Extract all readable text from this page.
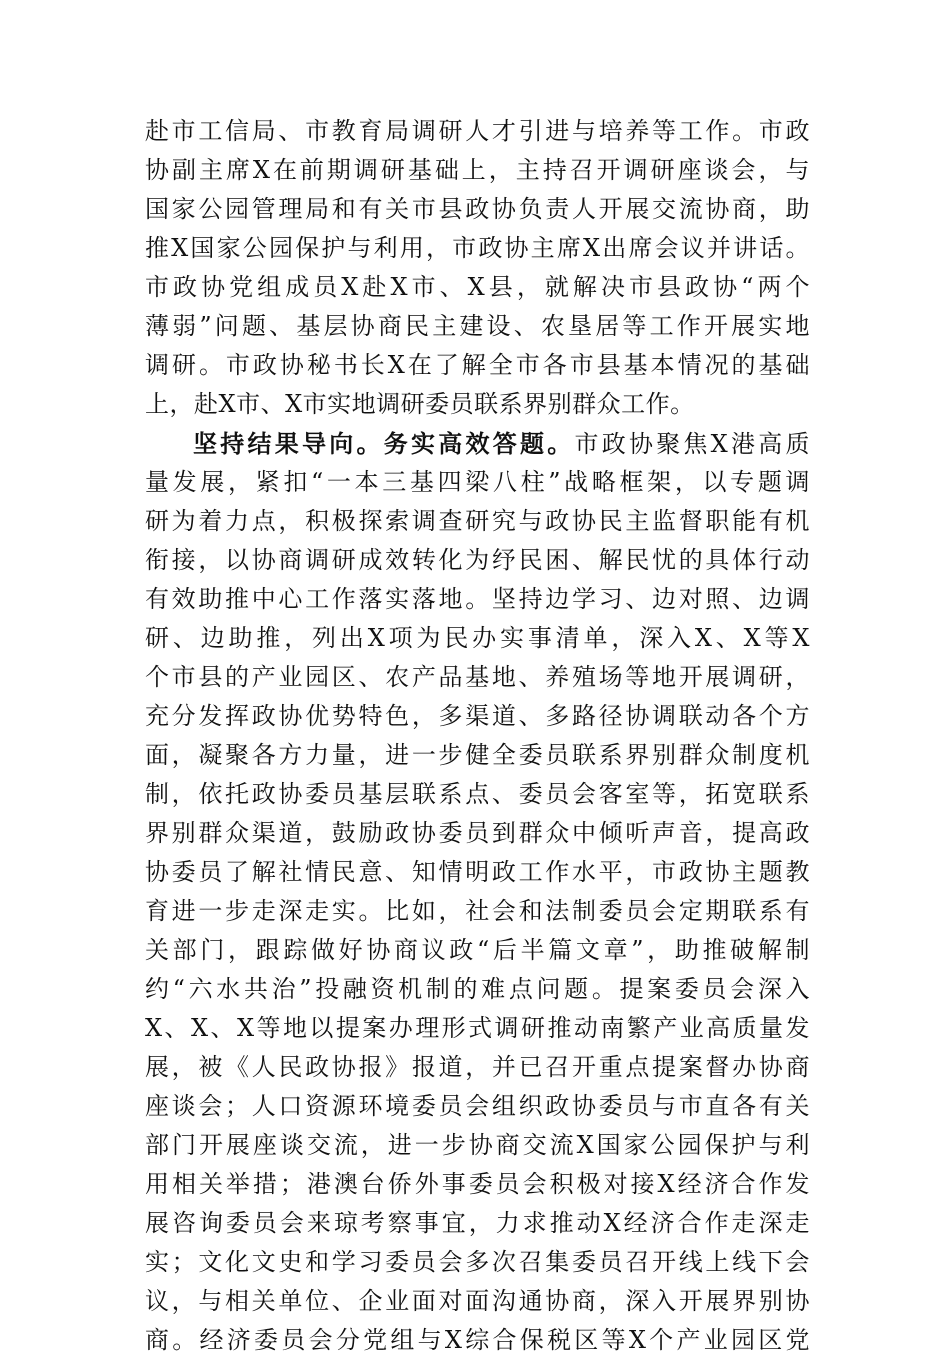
赴市工信局、市教育局调研人才引进与培养等工作。市政
协副主席X在前期调研基础上，主持召开调研座谈会，与
国家公园管理局和有关市县政协负责人开展交流协商，助
推X国家公园保护与利用，市政协主席X出席会议并讲话。
市政协党组成员X赴X市、X县，就解决市县政协“两个
薄弱”问题、基层协商民主建设、农垦居等工作开展实地
调研。市政协秘书长X在了解全市各市县基本情况的基础
上，赴X市、X市实地调研委员联系界别群众工作。
坚持结果导向。务实高效答题。市政协聚焦X港高质
量发展，紧扣“一本三基四梁八柱”战略框架，以专题调
研为着力点，积极探索调查研究与政协民主监督职能有机
衔接，以协商调研成效转化为纾民困、解民忧的具体行动
有效助推中心工作落实落地。坚持边学习、边对照、边调
研、边助推，列出X项为民办实事清单，深入X、X等X
个市县的产业园区、农产品基地、养殖场等地开展调研，
充分发挥政协优势特色，多渠道、多路径协调联动各个方
面，凝聚各方力量，进一步健全委员联系界别群众制度机
制，依托政协委员基层联系点、委员会客室等，拓宽联系
界别群众渠道，鼓励政协委员到群众中倾听声音，提高政
协委员了解社情民意、知情明政工作水平，市政协主题教
育进一步走深走实。比如，社会和法制委员会定期联系有
关部门，跟踪做好协商议政“后半篇文章”，助推破解制
约“六水共治”投融资机制的难点问题。提案委员会深入
X、X、X等地以提案办理形式调研推动南繁产业高质量发
展，被《人民政协报》报道，并已召开重点提案督办协商
座谈会；人口资源环境委员会组织政协委员与市直各有关
部门开展座谈交流，进一步协商交流X国家公园保护与利
用相关举措；港澳台侨外事委员会积极对接X经济合作发
展咨询委员会来琼考察事宜，力求推动X经济合作走深走
实；文化文史和学习委员会多次召集委员召开线上线下会
议，与相关单位、企业面对面沟通协商，深入开展界别协
商。经济委员会分党组与X综合保税区等X个产业园区党
